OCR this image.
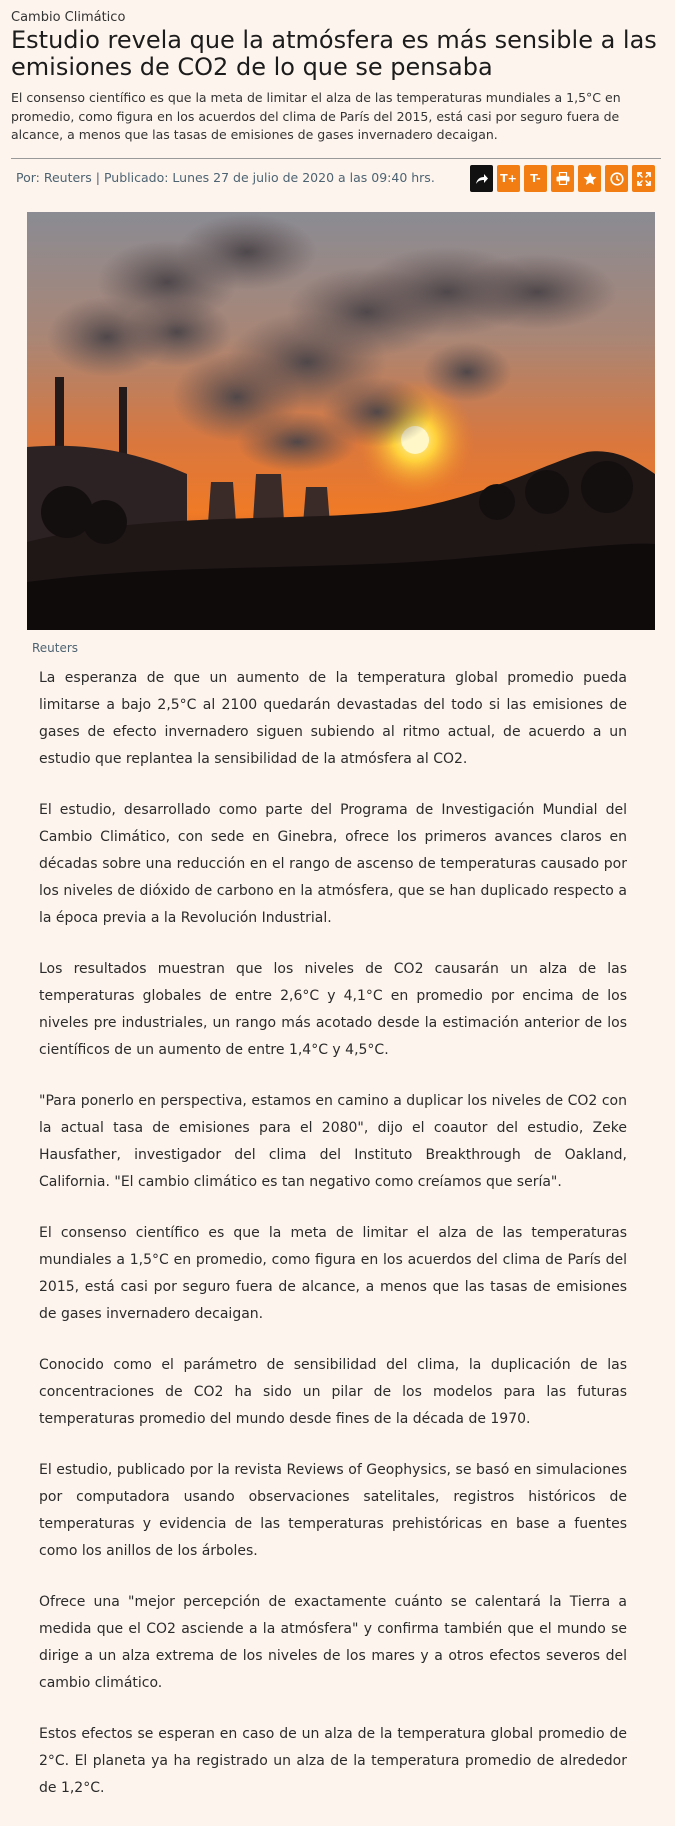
Cambio Climático
Estudio revela que la atmósfera es más sensible a las emisiones de CO2 de lo que se pensaba

El consenso científico es que la meta de limitar el alza de las temperaturas mundiales a 1,5°C en promedio, como figura en los acuerdos del clima de París del 2015, está casi por seguro fuera de alcance, a menos que las tasas de emisiones de gases invernadero decaigan.

Por: Reuters | Publicado: Lunes 27 de julio de 2020 a las 09:40 hrs.	T+	T-
Reuters

La esperanza de que un aumento de la temperatura global promedio pueda limitarse a bajo 2,5°C al 2100 quedarán devastadas del todo si las emisiones de gases de efecto invernadero siguen subiendo al ritmo actual, de acuerdo a un estudio que replantea la sensibilidad de la atmósfera al CO2.

El estudio, desarrollado como parte del Programa de Investigación Mundial del Cambio Climático, con sede en Ginebra, ofrece los primeros avances claros en décadas sobre una reducción en el rango de ascenso de temperaturas causado por los niveles de dióxido de carbono en la atmósfera, que se han duplicado respecto a la época previa a la Revolución Industrial.

Los resultados muestran que los niveles de CO2 causarán un alza de las temperaturas globales de entre 2,6°C y 4,1°C en promedio por encima de los niveles pre industriales, un rango más acotado desde la estimación anterior de los científicos de un aumento de entre 1,4°C y 4,5°C.

"Para ponerlo en perspectiva, estamos en camino a duplicar los niveles de CO2 con la actual tasa de emisiones para el 2080", dijo el coautor del estudio, Zeke Hausfather, investigador del clima del Instituto Breakthrough de Oakland, California. "El cambio climático es tan negativo como creíamos que sería".

El consenso científico es que la meta de limitar el alza de las temperaturas mundiales a 1,5°C en promedio, como figura en los acuerdos del clima de París del 2015, está casi por seguro fuera de alcance, a menos que las tasas de emisiones de gases invernadero decaigan.

Conocido como el parámetro de sensibilidad del clima, la duplicación de las concentraciones de CO2 ha sido un pilar de los modelos para las futuras temperaturas promedio del mundo desde fines de la década de 1970.

El estudio, publicado por la revista Reviews of Geophysics, se basó en simulaciones por computadora usando observaciones satelitales, registros históricos de temperaturas y evidencia de las temperaturas prehistóricas en base a fuentes como los anillos de los árboles.

Ofrece una "mejor percepción de exactamente cuánto se calentará la Tierra a medida que el CO2 asciende a la atmósfera" y confirma también que el mundo se dirige a un alza extrema de los niveles de los mares y a otros efectos severos del cambio climático.

Estos efectos se esperan en caso de un alza de la temperatura global promedio de 2°C. El planeta ya ha registrado un alza de la temperatura promedio de alrededor de 1,2°C.
